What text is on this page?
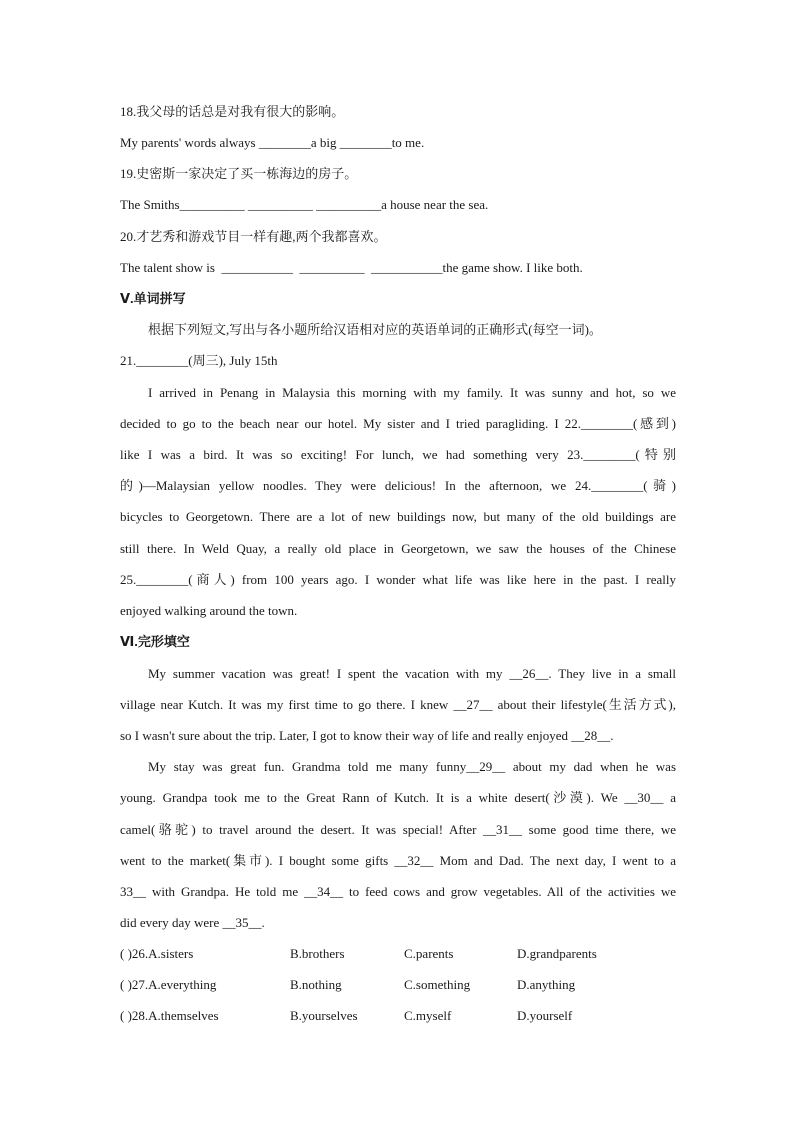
18.我父母的话总是对我有很大的影响。
My parents' words always ________a big ________to me.
19.史密斯一家决定了买一栋海边的房子。
The Smiths__________ __________ __________a house near the sea.
20.才艺秀和游戏节目一样有趣,两个我都喜欢。
The talent show is  ___________  __________  ___________the game show. I like both.
Ⅴ.单词拼写
根据下列短文,写出与各小题所给汉语相对应的英语单词的正确形式(每空一词)。
21.________(周三), July 15th
I arrived in Penang in Malaysia this morning with my family. It was sunny and hot, so we
decided to go to the beach near our hotel. My sister and I tried paragliding. I 22.________(感到)
like I was a bird. It was so exciting! For lunch, we had something very 23.________(特别
的)—Malaysian yellow noodles. They were delicious! In the afternoon, we 24.________(骑)
bicycles to Georgetown. There are a lot of new buildings now, but many of the old buildings are
still there. In Weld Quay, a really old place in Georgetown, we saw the houses of the Chinese
25.________(商人) from 100 years ago. I wonder what life was like here in the past. I really
enjoyed walking around the town.
Ⅵ.完形填空
My summer vacation was great! I spent the vacation with my __26__. They live in a small
village near Kutch. It was my first time to go there. I knew __27__ about their lifestyle(生活方式),
so I wasn't sure about the trip. Later, I got to know their way of life and really enjoyed __28__.
My stay was great fun. Grandma told me many funny__29__ about my dad when he was
young. Grandpa took me to the Great Rann of Kutch. It is a white desert(沙漠). We __30__ a
camel(骆驼) to travel around the desert. It was special! After __31__ some good time there, we
went to the market(集市). I bought some gifts __32__ Mom and Dad. The next day, I went to a
33__ with Grandpa. He told me __34__ to feed cows and grow vegetables. All of the activities we
did every day were __35__.
( )26.A.sisters	B.brothers	C.parents	D.grandparents
( )27.A.everything	B.nothing	C.something	D.anything
( )28.A.themselves	B.yourselves	C.myself	D.yourself
